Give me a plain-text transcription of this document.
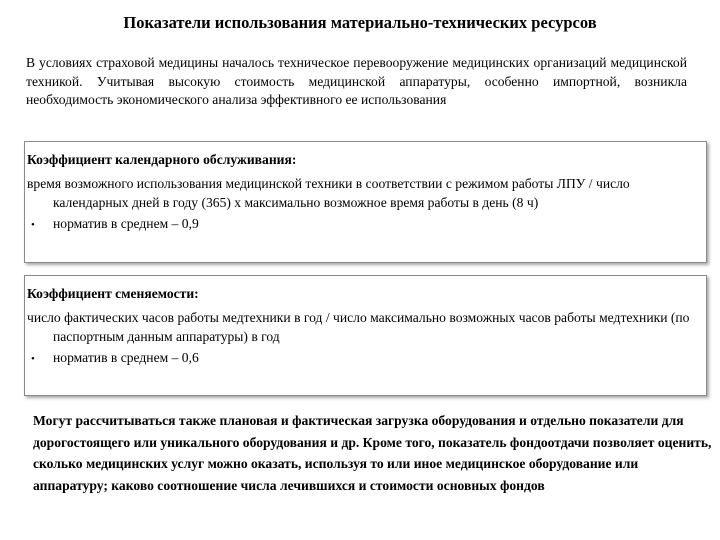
Показатели использования материально-технических ресурсов
В условиях страховой медицины началось техническое перевооружение медицинских организаций медицинской техникой. Учитывая высокую стоимость медицинской аппаратуры, особенно импортной, возникла необходимость экономического анализа эффективного ее использования
Коэффициент календарного обслуживания:
время возможного использования медицинской техники в соответствии с режимом работы ЛПУ / число календарных дней в году (365) х максимально возможное время работы в день (8 ч)
•	норматив в среднем – 0,9
Коэффициент сменяемости:
число фактических часов работы медтехники в год / число максимально возможных часов работы медтехники (по паспортным данным аппаратуры) в год
•	норматив в среднем – 0,6
Могут рассчитываться также плановая и фактическая загрузка оборудования и отдельно показатели для дорогостоящего или уникального оборудования и др. Кроме того, показатель фондоотдачи позволяет оценить, сколько медицинских услуг можно оказать, используя то или иное медицинское оборудование или аппаратуру; каково соотношение числа лечившихся и стоимости основных фондов
